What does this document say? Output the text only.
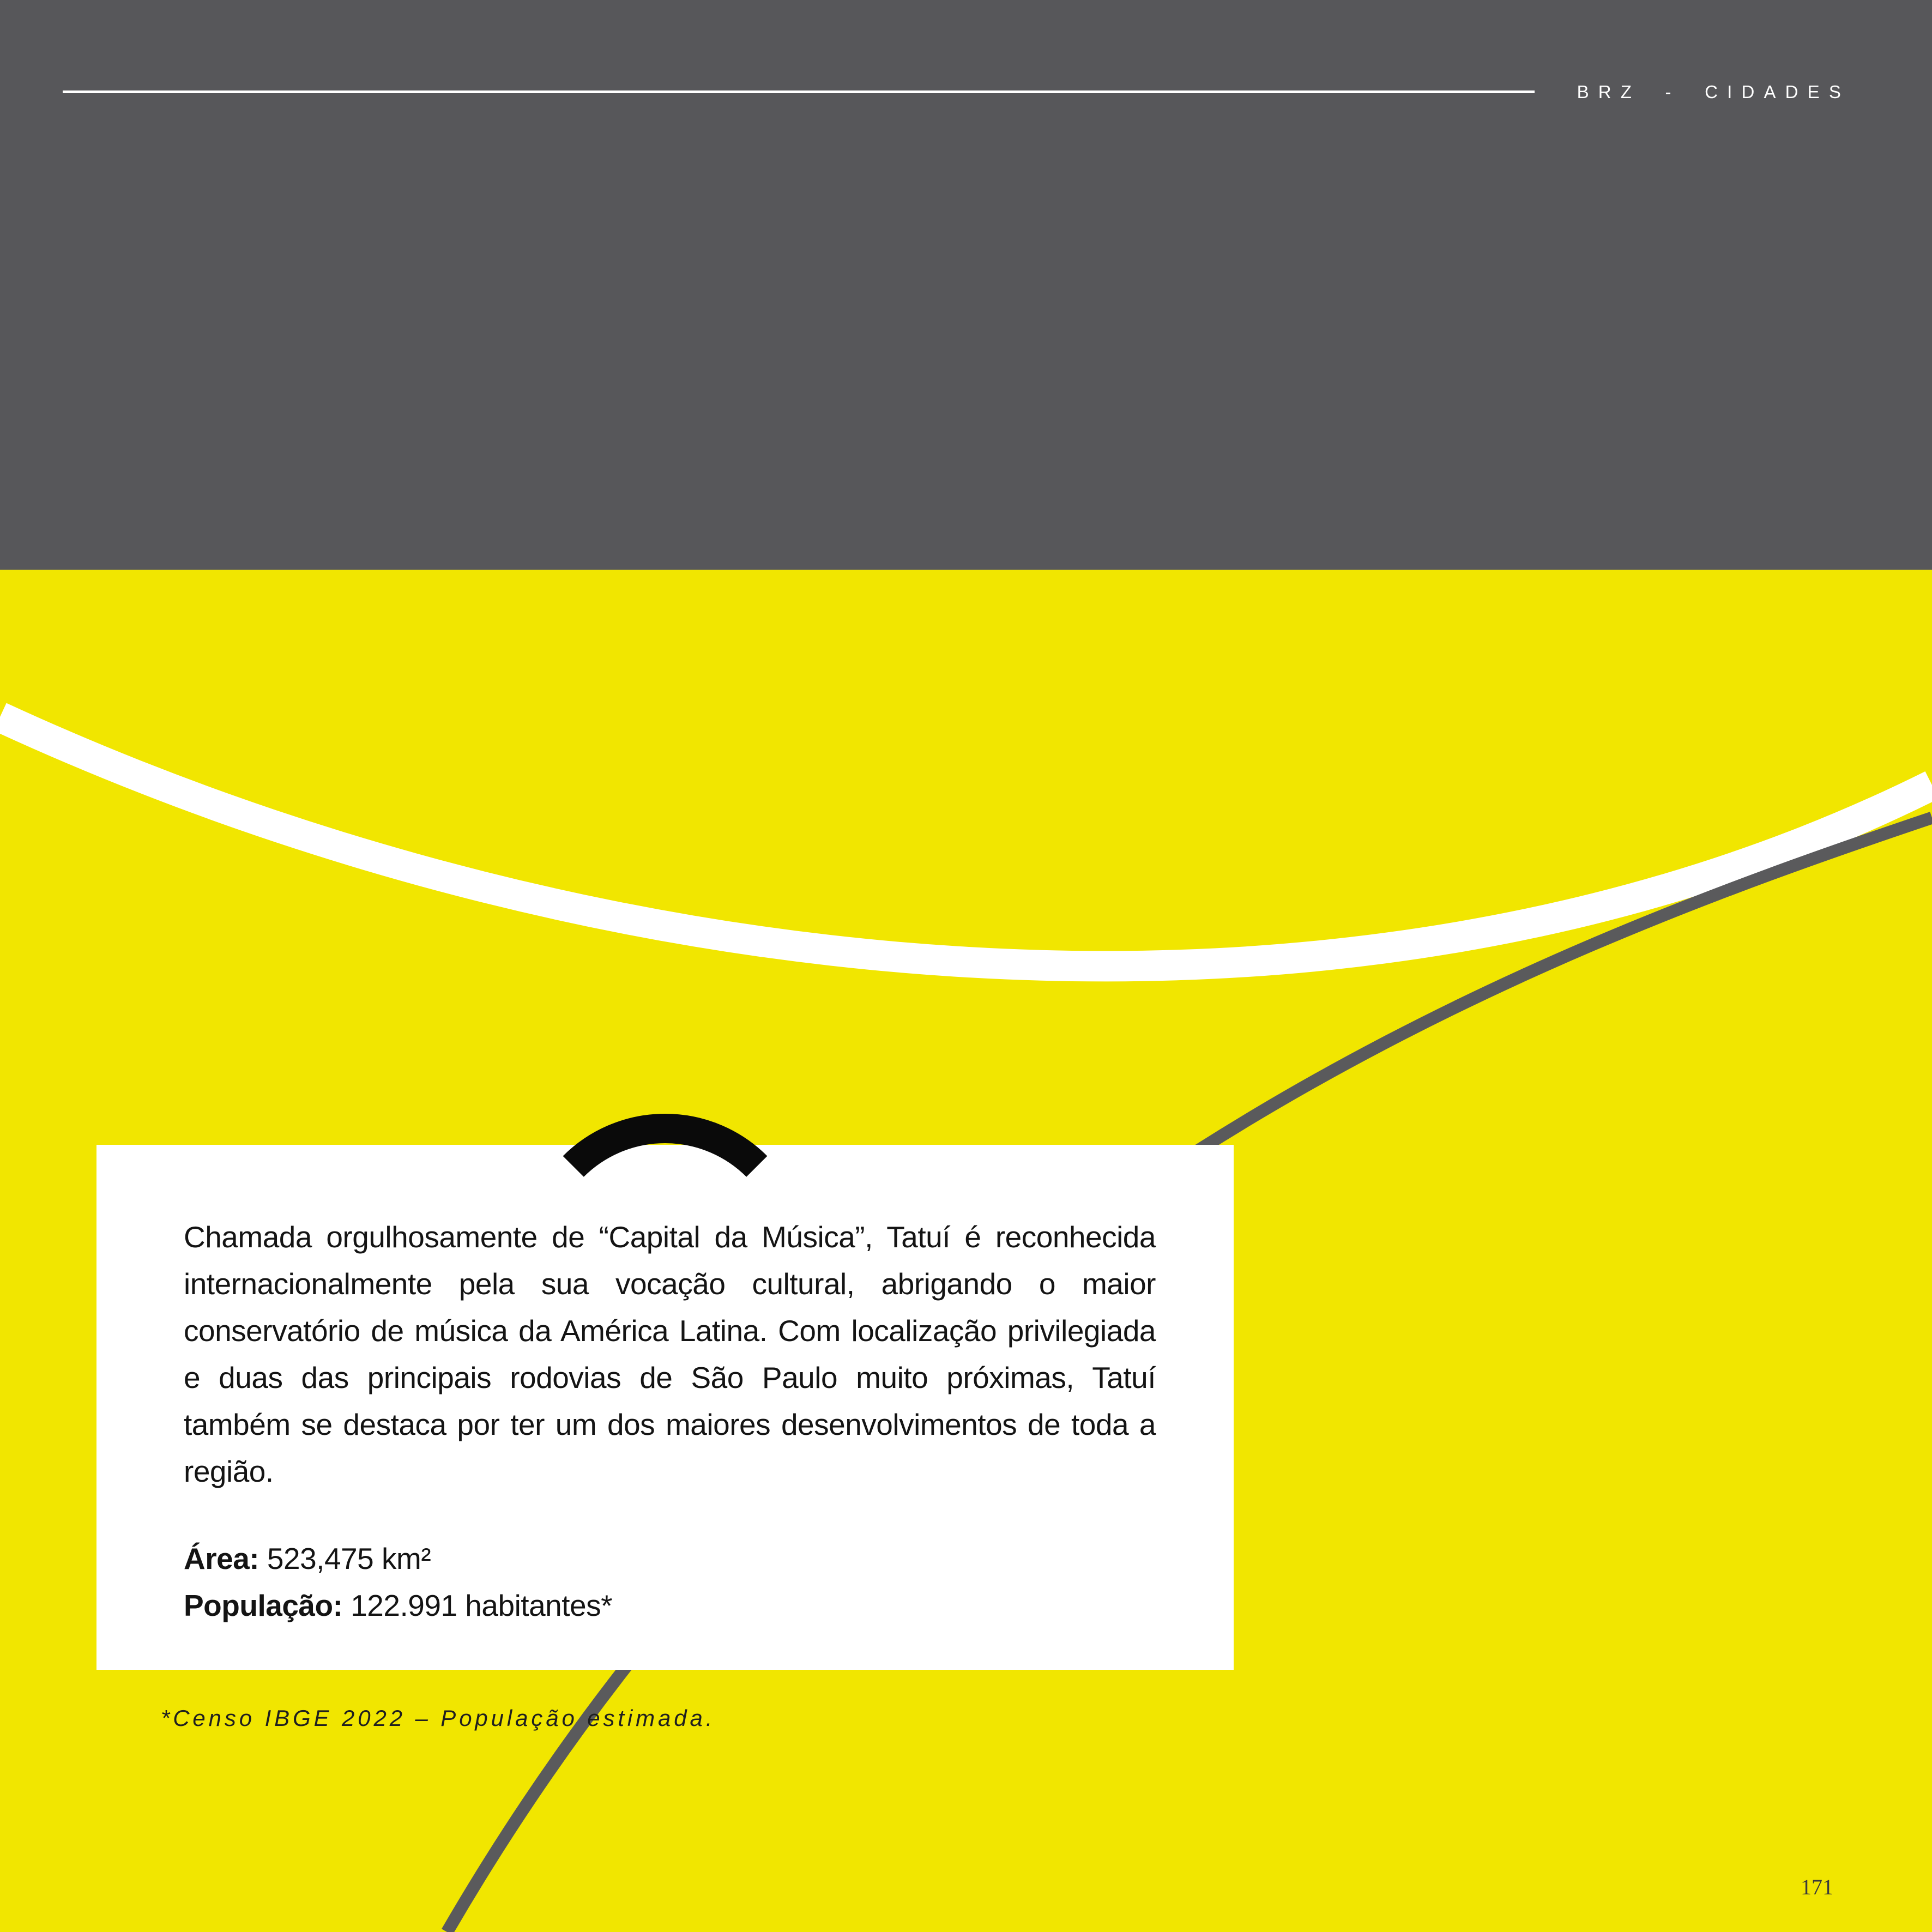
BRZ - CIDADES

Chamada orgulhosamente de “Capital da Música”, Tatuí é reconhecida internacionalmente pela sua vocação cultural, abrigando o maior conservatório de música da América Latina. Com localização privilegiada e duas das principais rodovias de São Paulo muito próximas, Tatuí também se destaca por ter um dos maiores desenvolvimentos de toda a região.

Área: 523,475 km²
População: 122.991 habitantes*
*Censo IBGE 2022 – População estimada.
171
